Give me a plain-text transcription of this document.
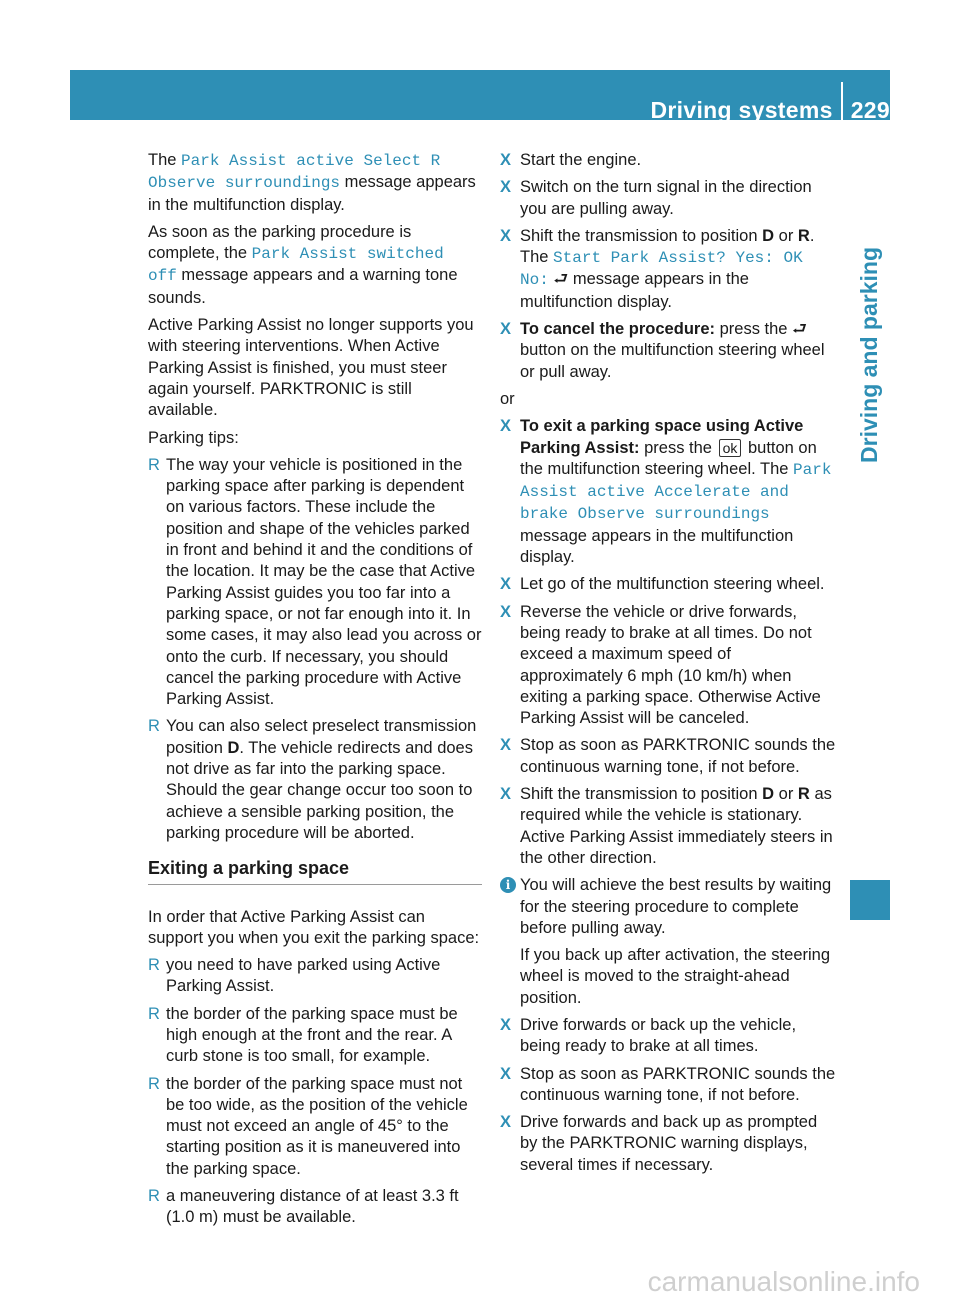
Driving systems 229
Driving and parking

The Park Assist active Select R Observe surroundings message appears in the multifunction display.

As soon as the parking procedure is complete, the Park Assist switched off message appears and a warning tone sounds.

Active Parking Assist no longer supports you with steering interventions. When Active Parking Assist is finished, you must steer again yourself. PARKTRONIC is still available.

Parking tips:

R The way your vehicle is positioned in the parking space after parking is dependent on various factors. These include the position and shape of the vehicles parked in front and behind it and the conditions of the location. It may be the case that Active Parking Assist guides you too far into a parking space, or not far enough into it. In some cases, it may also lead you across or onto the curb. If necessary, you should cancel the parking procedure with Active Parking Assist.
R You can also select preselect transmission position D. The vehicle redirects and does not drive as far into the parking space. Should the gear change occur too soon to achieve a sensible parking position, the parking procedure will be aborted.
Exiting a parking space

In order that Active Parking Assist can support you when you exit the parking space:

R you need to have parked using Active Parking Assist.
R the border of the parking space must be high enough at the front and the rear. A curb stone is too small, for example.
R the border of the parking space must not be too wide, as the position of the vehicle must not exceed an angle of 45° to the starting position as it is maneuvered into the parking space.
R a maneuvering distance of at least 3.3 ft (1.0 m) must be available.
X Start the engine.
X Switch on the turn signal in the direction you are pulling away.
X Shift the transmission to position D or R. The Start Park Assist? Yes: OK No: ⮐ message appears in the multifunction display.
X To cancel the procedure: press the ⮐ button on the multifunction steering wheel or pull away.

or

X To exit a parking space using Active Parking Assist: press the ok button on the multifunction steering wheel. The Park Assist active Accelerate and brake Observe surroundings message appears in the multifunction display.
X Let go of the multifunction steering wheel.
X Reverse the vehicle or drive forwards, being ready to brake at all times. Do not exceed a maximum speed of approximately 6 mph (10 km/h) when exiting a parking space. Otherwise Active Parking Assist will be canceled.
X Stop as soon as PARKTRONIC sounds the continuous warning tone, if not before.
X Shift the transmission to position D or R as required while the vehicle is stationary. Active Parking Assist immediately steers in the other direction.
i You will achieve the best results by waiting for the steering procedure to complete before pulling away.

If you back up after activation, the steering wheel is moved to the straight-ahead position.

X Drive forwards or back up the vehicle, being ready to brake at all times.
X Stop as soon as PARKTRONIC sounds the continuous warning tone, if not before.
X Drive forwards and back up as prompted by the PARKTRONIC warning displays, several times if necessary.
carmanualsonline.info
